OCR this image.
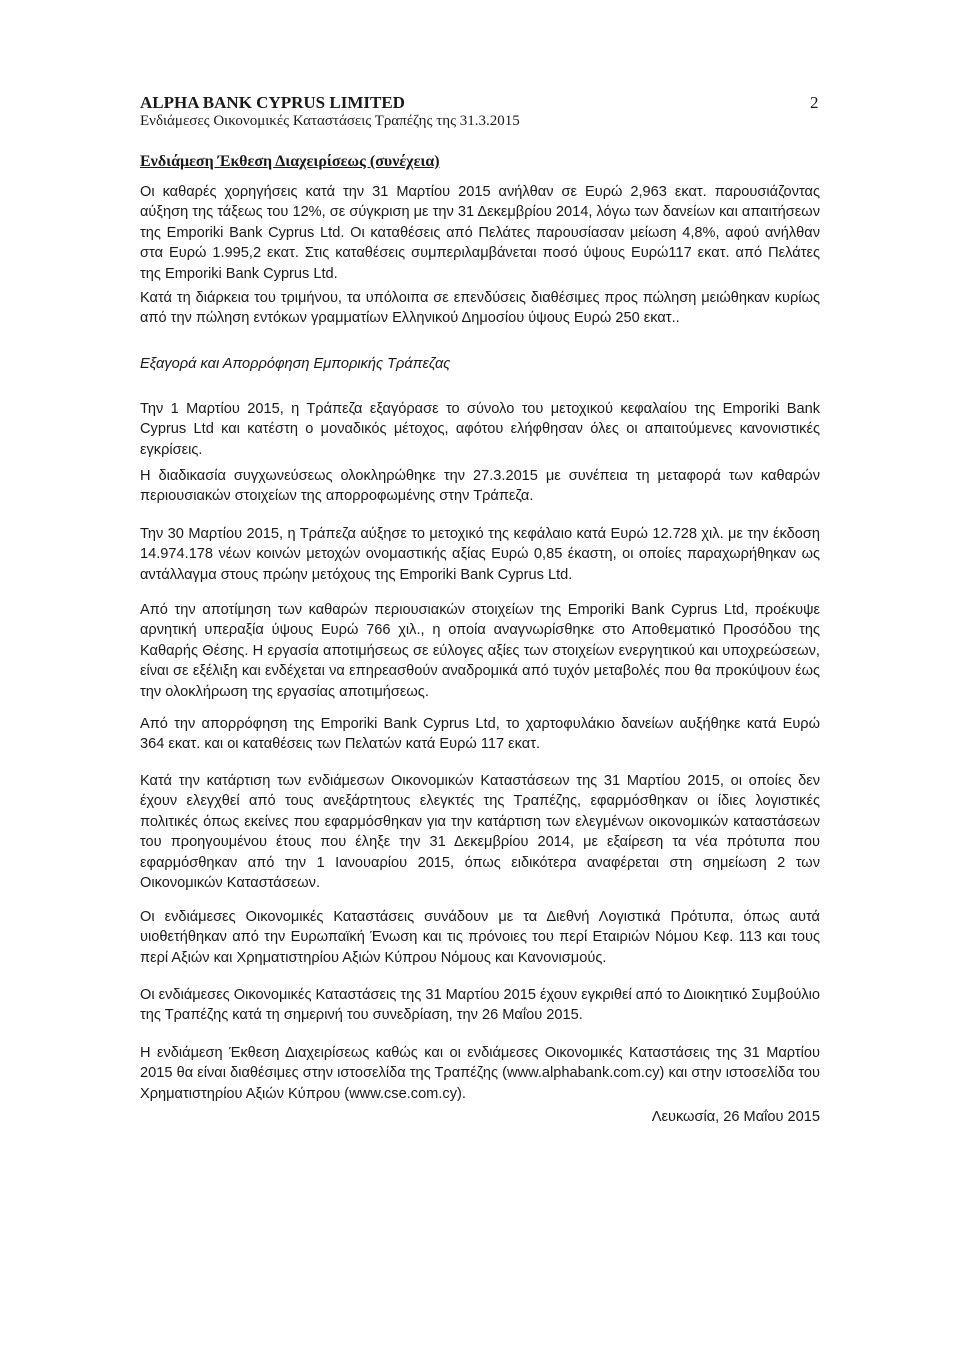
ALPHA BANK CYPRUS LIMITED
Ενδιάμεσες Οικονομικές Καταστάσεις Τραπέζης της 31.3.2015
2
Ενδιάμεση Έκθεση Διαχειρίσεως (συνέχεια)

Οι καθαρές χορηγήσεις κατά την 31 Μαρτίου 2015 ανήλθαν σε Ευρώ 2,963 εκατ. παρουσιάζοντας αύξηση της τάξεως του 12%, σε σύγκριση με την 31 Δεκεμβρίου 2014, λόγω των δανείων και απαιτήσεων της Emporiki Bank Cyprus Ltd. Οι καταθέσεις από Πελάτες παρουσίασαν μείωση 4,8%, αφού ανήλθαν στα Ευρώ 1.995,2 εκατ. Στις καταθέσεις συμπεριλαμβάνεται ποσό ύψους Ευρώ117 εκατ. από Πελάτες της Emporiki Bank Cyprus Ltd.

Κατά τη διάρκεια του τριμήνου, τα υπόλοιπα σε επενδύσεις διαθέσιμες προς πώληση μειώθηκαν κυρίως από την πώληση εντόκων γραμματίων Ελληνικού Δημοσίου ύψους Ευρώ 250 εκατ..

Εξαγορά και Απορρόφηση Εμπορικής Τράπεζας

Την 1 Μαρτίου 2015, η Τράπεζα εξαγόρασε το σύνολο του μετοχικού κεφαλαίου της Emporiki Bank Cyprus Ltd και κατέστη ο μοναδικός μέτοχος, αφότου ελήφθησαν όλες οι απαιτούμενες κανονιστικές εγκρίσεις.

Η διαδικασία συγχωνεύσεως ολοκληρώθηκε την 27.3.2015 με συνέπεια τη μεταφορά των καθαρών περιουσιακών στοιχείων της απορροφωμένης στην Τράπεζα.

Την 30 Μαρτίου 2015, η Τράπεζα αύξησε το μετοχικό της κεφάλαιο κατά Ευρώ 12.728 χιλ. με την έκδοση 14.974.178 νέων κοινών μετοχών ονομαστικής αξίας Ευρώ 0,85 έκαστη, οι οποίες παραχωρήθηκαν ως αντάλλαγμα στους πρώην μετόχους της Emporiki Bank Cyprus Ltd.

Από την αποτίμηση των καθαρών περιουσιακών στοιχείων της Emporiki Bank Cyprus Ltd, προέκυψε αρνητική υπεραξία ύψους Ευρώ 766 χιλ., η οποία αναγνωρίσθηκε στο Αποθεματικό Προσόδου της Καθαρής Θέσης. Η εργασία αποτιμήσεως σε εύλογες αξίες των στοιχείων ενεργητικού και υποχρεώσεων, είναι σε εξέλιξη και ενδέχεται να επηρεασθούν αναδρομικά από τυχόν μεταβολές που θα προκύψουν έως την ολοκλήρωση της εργασίας αποτιμήσεως.

Από την απορρόφηση της Emporiki Bank Cyprus Ltd, το χαρτοφυλάκιο δανείων αυξήθηκε κατά Ευρώ 364 εκατ. και οι καταθέσεις των Πελατών κατά Ευρώ 117 εκατ.

Κατά την κατάρτιση των ενδιάμεσων Οικονομικών Καταστάσεων της 31 Μαρτίου 2015, οι οποίες δεν έχουν ελεγχθεί από τους ανεξάρτητους ελεγκτές της Τραπέζης, εφαρμόσθηκαν οι ίδιες λογιστικές πολιτικές όπως εκείνες που εφαρμόσθηκαν για την κατάρτιση των ελεγμένων οικονομικών καταστάσεων του προηγουμένου έτους που έληξε την 31 Δεκεμβρίου 2014, με εξαίρεση τα νέα πρότυπα που εφαρμόσθηκαν από την 1 Ιανουαρίου 2015, όπως ειδικότερα αναφέρεται στη σημείωση 2 των Οικονομικών Καταστάσεων.

Οι ενδιάμεσες Οικονομικές Καταστάσεις συνάδουν με τα Διεθνή Λογιστικά Πρότυπα, όπως αυτά υιοθετήθηκαν από την Ευρωπαϊκή Ένωση και τις πρόνοιες του περί Εταιριών Νόμου Κεφ. 113 και τους περί Αξιών και Χρηματιστηρίου Αξιών Κύπρου Νόμους και Κανονισμούς.

Οι ενδιάμεσες Οικονομικές Καταστάσεις της 31 Μαρτίου 2015 έχουν εγκριθεί από το Διοικητικό Συμβούλιο της Τραπέζης κατά τη σημερινή του συνεδρίαση, την 26 Μαΐου 2015.

Η ενδιάμεση Έκθεση Διαχειρίσεως καθώς και οι ενδιάμεσες Οικονομικές Καταστάσεις της 31 Μαρτίου 2015 θα είναι διαθέσιμες στην ιστοσελίδα της Τραπέζης (www.alphabank.com.cy) και στην ιστοσελίδα του Χρηματιστηρίου Αξιών Κύπρου (www.cse.com.cy).

Λευκωσία, 26 Μαΐου 2015
